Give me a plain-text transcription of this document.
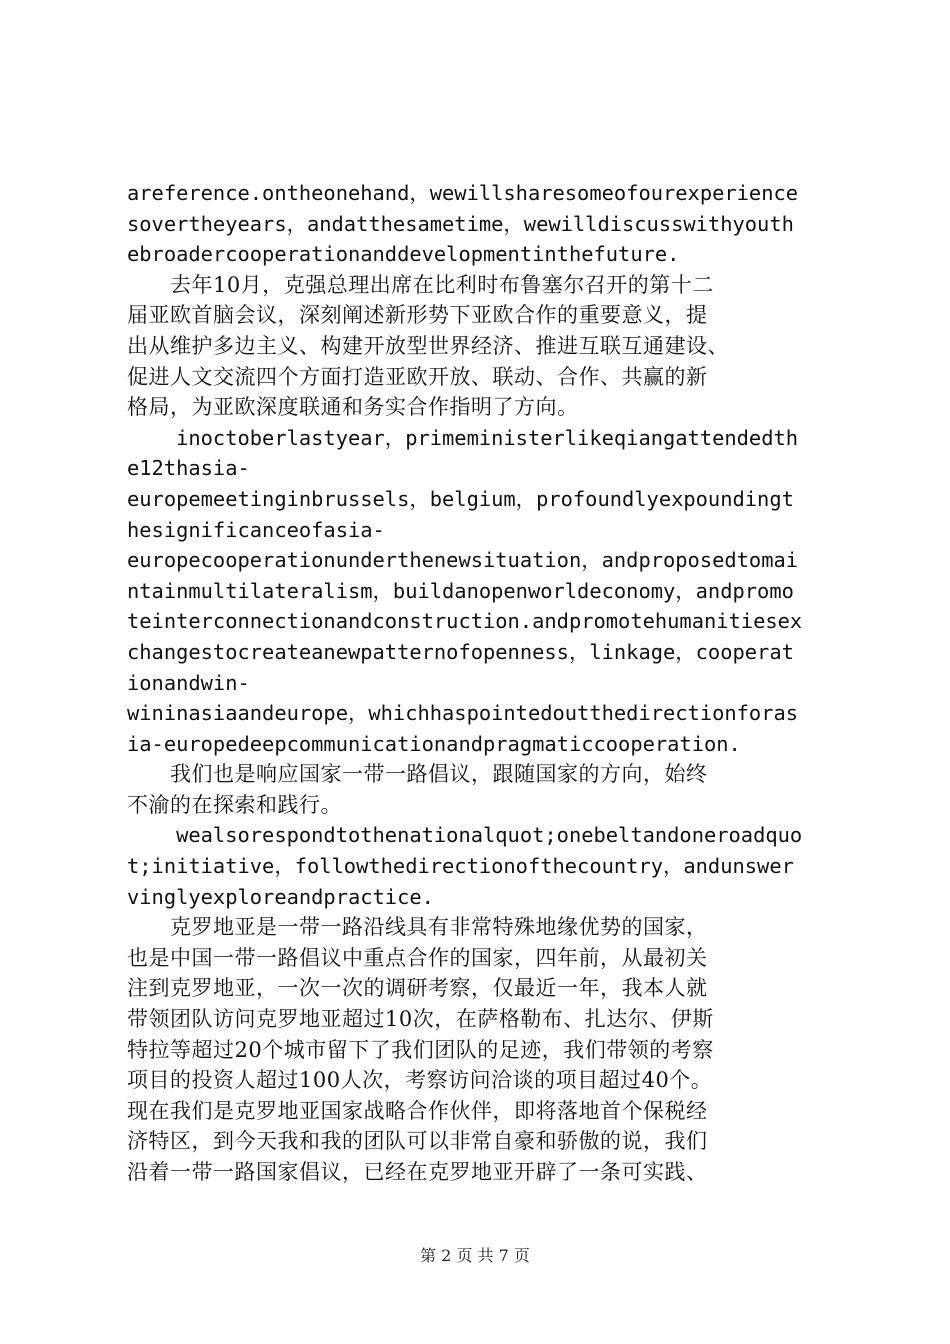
areference.ontheonehand，wewillsharesomeofourexperience
sovertheyears，andatthesametime，wewilldiscusswithyouth
ebroadercooperationanddevelopmentinthefuture.

　　去年10月，克强总理出席在比利时布鲁塞尔召开的第十二
届亚欧首脑会议，深刻阐述新形势下亚欧合作的重要意义，提
出从维护多边主义、构建开放型世界经济、推进互联互通建设、
促进人文交流四个方面打造亚欧开放、联动、合作、共赢的新
格局，为亚欧深度联通和务实合作指明了方向。

inoctoberlastyear，primeministerlikeqiangattendedth
e12thasia-
europemeetinginbrussels，belgium，profoundlyexpoundingt
hesignificanceofasia-
europecooperationunderthenewsituation，andproposedtomai
ntainmultilateralism，buildanopenworldeconomy，andpromo
teinterconnectionandconstruction.andpromotehumanitiesex
changestocreateanewpatternofopenness，linkage，cooperat
ionandwin-
wininasiaandeurope，whichhaspointedoutthedirectionforas
ia-europedeepcommunicationandpragmaticcooperation.

　　我们也是响应国家一带一路倡议，跟随国家的方向，始终
不渝的在探索和践行。

wealsorespondtothenationalquot;onebeltandoneroadquo
t;initiative，followthedirectionofthecountry，andunswer
vinglyexploreandpractice.

　　克罗地亚是一带一路沿线具有非常特殊地缘优势的国家，
也是中国一带一路倡议中重点合作的国家，四年前，从最初关
注到克罗地亚，一次一次的调研考察，仅最近一年，我本人就
带领团队访问克罗地亚超过10次，在萨格勒布、扎达尔、伊斯
特拉等超过20个城市留下了我们团队的足迹，我们带领的考察
项目的投资人超过100人次，考察访问洽谈的项目超过40个。
现在我们是克罗地亚国家战略合作伙伴，即将落地首个保税经
济特区，到今天我和我的团队可以非常自豪和骄傲的说，我们
沿着一带一路国家倡议，已经在克罗地亚开辟了一条可实践、

第 2 页 共 7 页
